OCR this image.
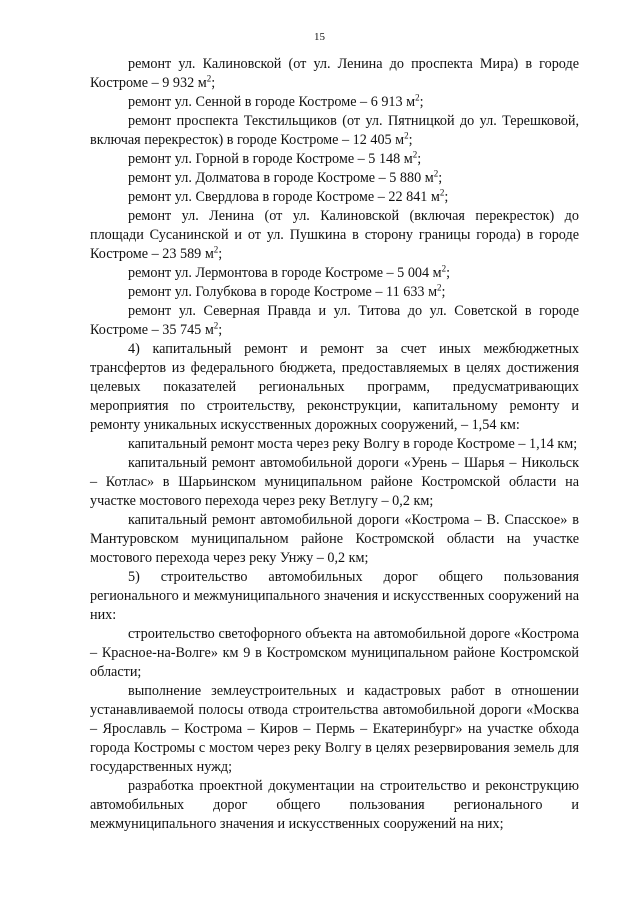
15

ремонт ул. Калиновской (от ул. Ленина до проспекта Мира) в городе Костроме – 9 932 $м^2$;

ремонт ул. Сенной в городе Костроме – 6 913 $м^2$;

ремонт проспекта Текстильщиков (от ул. Пятницкой до ул. Терешковой, включая перекресток) в городе Костроме – 12 405 $м^2$;

ремонт ул. Горной в городе Костроме – 5 148 $м^2$;

ремонт ул. Долматова в городе Костроме – 5 880 $м^2$;

ремонт ул. Свердлова в городе Костроме – 22 841 $м^2$;

ремонт ул. Ленина (от ул. Калиновской (включая перекресток) до площади Сусанинской и от ул. Пушкина в сторону границы города) в городе Костроме – 23 589 $м^2$;

ремонт ул. Лермонтова в городе Костроме – 5 004 $м^2$;

ремонт ул. Голубкова в городе Костроме – 11 633 $м^2$;

ремонт ул. Северная Правда и ул. Титова до ул. Советской в городе Костроме – 35 745 $м^2$;

4) капитальный ремонт и ремонт за счет иных межбюджетных трансфертов из федерального бюджета, предоставляемых в целях достижения целевых показателей региональных программ, предусматривающих мероприятия по строительству, реконструкции, капитальному ремонту и ремонту уникальных искусственных дорожных сооружений, – 1,54 км:

капитальный ремонт моста через реку Волгу в городе Костроме – 1,14 км;

капитальный ремонт автомобильной дороги «Урень – Шарья – Никольск – Котлас» в Шарьинском муниципальном районе Костромской области на участке мостового перехода через реку Ветлугу – 0,2 км;

капитальный ремонт автомобильной дороги «Кострома – В. Спасское» в Мантуровском муниципальном районе Костромской области на участке мостового перехода через реку Унжу – 0,2 км;

5) строительство автомобильных дорог общего пользования регионального и межмуниципального значения и искусственных сооружений на них:

строительство светофорного объекта на автомобильной дороге «Кострома – Красное-на-Волге» км 9 в Костромском муниципальном районе Костромской области;

выполнение землеустроительных и кадастровых работ в отношении устанавливаемой полосы отвода строительства автомобильной дороги «Москва – Ярославль – Кострома – Киров – Пермь – Екатеринбург» на участке обхода города Костромы с мостом через реку Волгу в целях резервирования земель для государственных нужд;

разработка проектной документации на строительство и реконструкцию автомобильных дорог общего пользования регионального и межмуниципального значения и искусственных сооружений на них;
